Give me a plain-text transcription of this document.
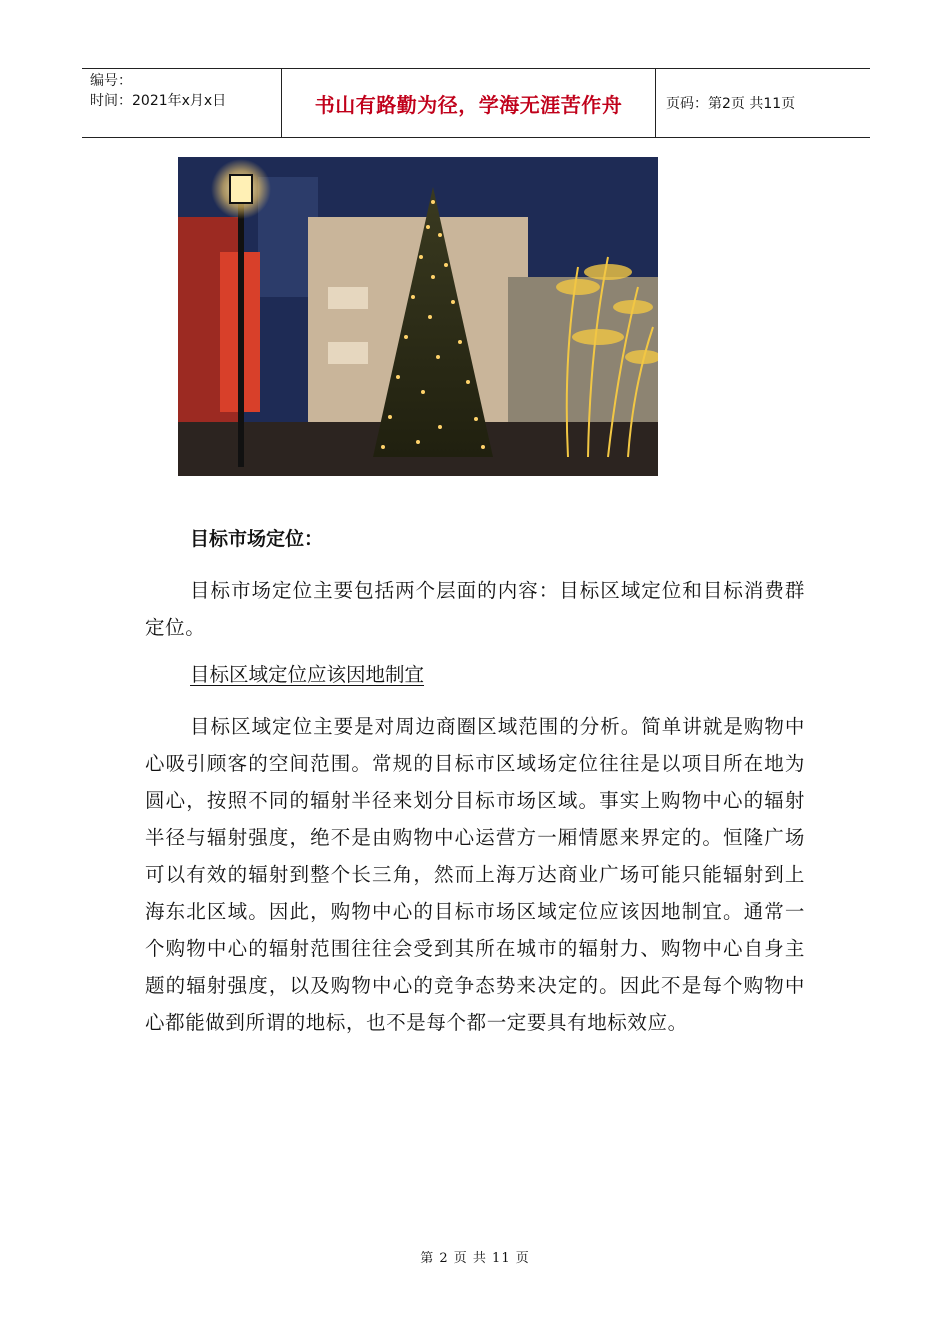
编号：
时间：2021年x月x日	书山有路勤为径，学海无涯苦作舟	页码：第2页 共11页
目标市场定位：
目标市场定位主要包括两个层面的内容：目标区域定位和目标消费群定位。
目标区域定位应该因地制宜
目标区域定位主要是对周边商圈区域范围的分析。简单讲就是购物中心吸引顾客的空间范围。常规的目标市区域场定位往往是以项目所在地为圆心，按照不同的辐射半径来划分目标市场区域。事实上购物中心的辐射半径与辐射强度，绝不是由购物中心运营方一厢情愿来界定的。恒隆广场可以有效的辐射到整个长三角，然而上海万达商业广场可能只能辐射到上海东北区域。因此，购物中心的目标市场区域定位应该因地制宜。通常一个购物中心的辐射范围往往会受到其所在城市的辐射力、购物中心自身主题的辐射强度，以及购物中心的竞争态势来决定的。因此不是每个购物中心都能做到所谓的地标，也不是每个都一定要具有地标效应。
第 2 页 共 11 页
